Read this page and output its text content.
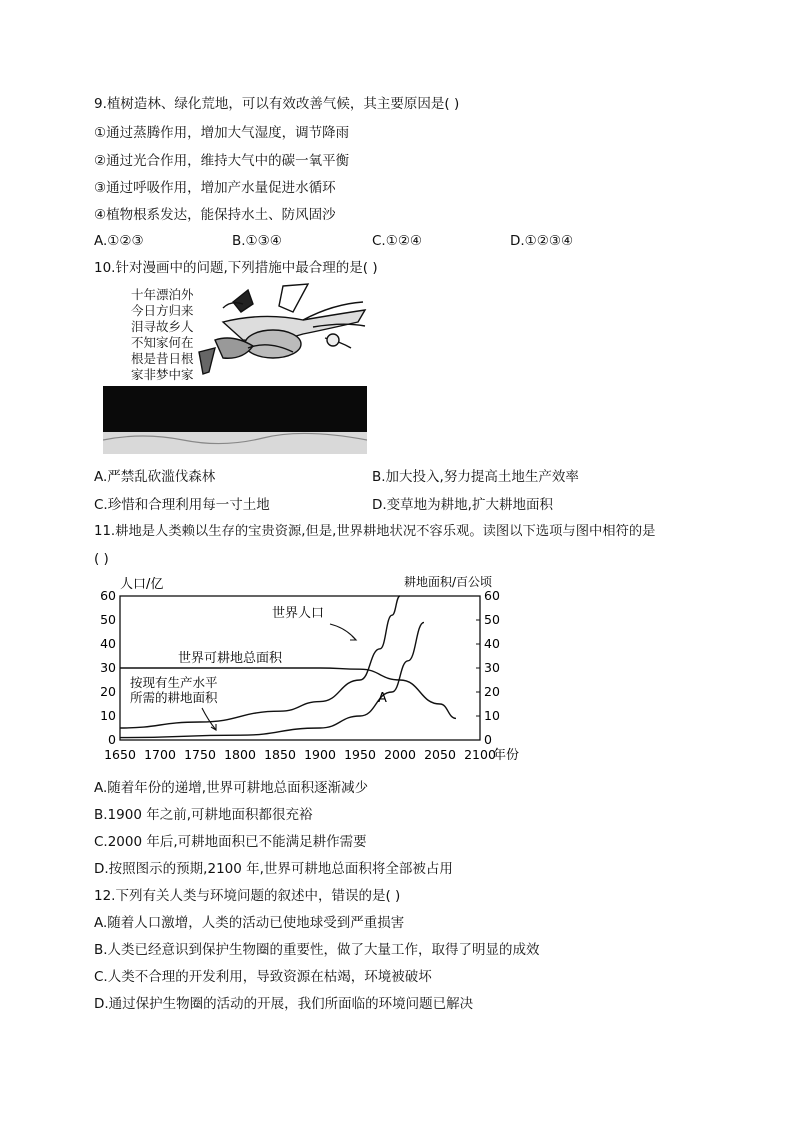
9.植树造林、绿化荒地，可以有效改善气候，其主要原因是( )
①通过蒸腾作用，增加大气湿度，调节降雨
②通过光合作用，维持大气中的碳一氧平衡
③通过呼吸作用，增加产水量促进水循环
④植物根系发达，能保持水土、防风固沙
A.①②③	B.①③④	C.①②④	D.①②③④
10.针对漫画中的问题,下列措施中最合理的是( )
十年漂泊外
今日方归来
泪寻故乡人
不知家何在
根是昔日根
家非梦中家
A.严禁乱砍滥伐森林	B.加大投入,努力提高土地生产效率
C.珍惜和合理利用每一寸土地	D.变草地为耕地,扩大耕地面积
11.耕地是人类赖以生存的宝贵资源,但是,世界耕地状况不容乐观。读图以下选项与图中相符的是
( )
人口/亿	耕地面积/百公顷
年份
0
10
20
30
40
50
60
0
10
20
30
40
50
60
1650 1700 1750 1800 1850 1900 1950 2000 2050 2100
世界人口
世界可耕地总面积
按现有生产水平
所需的耕地面积	A
A.随着年份的递增,世界可耕地总面积逐渐减少
B.1900 年之前,可耕地面积都很充裕
C.2000 年后,可耕地面积已不能满足耕作需要
D.按照图示的预期,2100 年,世界可耕地总面积将全部被占用
12.下列有关人类与环境问题的叙述中，错误的是( )
A.随着人口激增，人类的活动已使地球受到严重损害
B.人类已经意识到保护生物圈的重要性，做了大量工作，取得了明显的成效
C.人类不合理的开发利用，导致资源在枯竭，环境被破坏
D.通过保护生物圈的活动的开展，我们所面临的环境问题已解决
